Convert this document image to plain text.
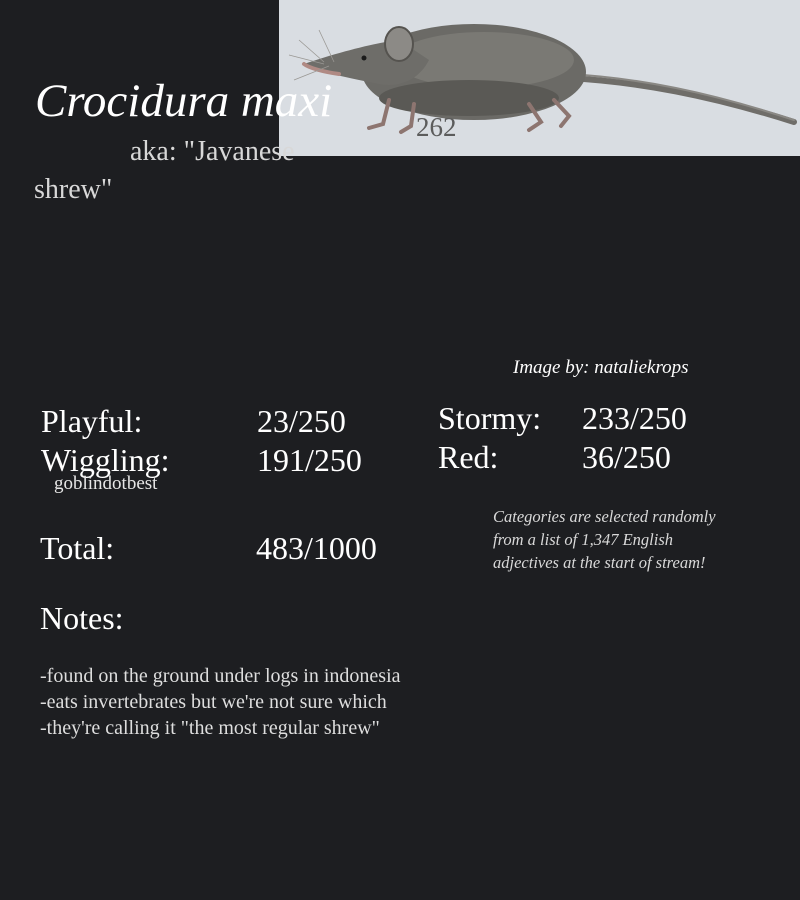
262
Crocidura maxi
aka: "Javanese
shrew"
Image by: nataliekrops
Playful:	23/250
Wiggling:	191/250
Stormy: 233/250
Red:	36/250
goblindotbest
Total:	483/1000
Categories are selected randomly from a list of 1,347 English adjectives at the start of stream!
Notes:
-found on the ground under logs in indonesia
-eats invertebrates but we're not sure which
-they're calling it "the most regular shrew"
